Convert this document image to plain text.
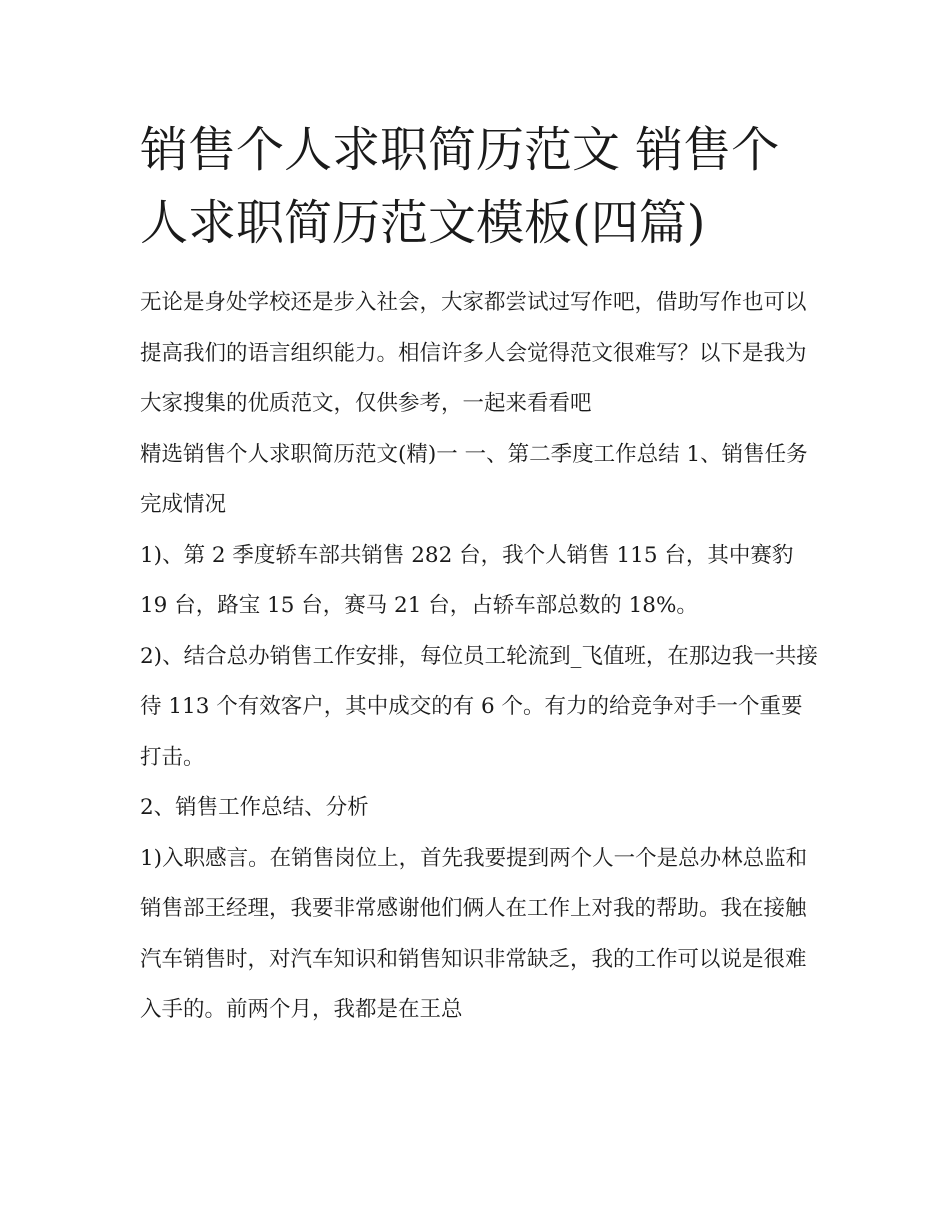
销售个人求职简历范文 销售个人求职简历范文模板(四篇)

无论是身处学校还是步入社会，大家都尝试过写作吧，借助写作也可以提高我们的语言组织能力。相信许多人会觉得范文很难写？以下是我为大家搜集的优质范文，仅供参考，一起来看看吧

精选销售个人求职简历范文(精)一 一、第二季度工作总结 1、销售任务完成情况

1)、第 2 季度轿车部共销售 282 台，我个人销售 115 台，其中赛豹 19 台，路宝 15 台，赛马 21 台，占轿车部总数的 18%。

2)、结合总办销售工作安排，每位员工轮流到_飞值班，在那边我一共接待 113 个有效客户，其中成交的有 6 个。有力的给竞争对手一个重要打击。

2、销售工作总结、分析

1)入职感言。在销售岗位上，首先我要提到两个人一个是总办林总监和销售部王经理，我要非常感谢他们俩人在工作上对我的帮助。我在接触汽车销售时，对汽车知识和销售知识非常缺乏，我的工作可以说是很难入手的。前两个月，我都是在王总
